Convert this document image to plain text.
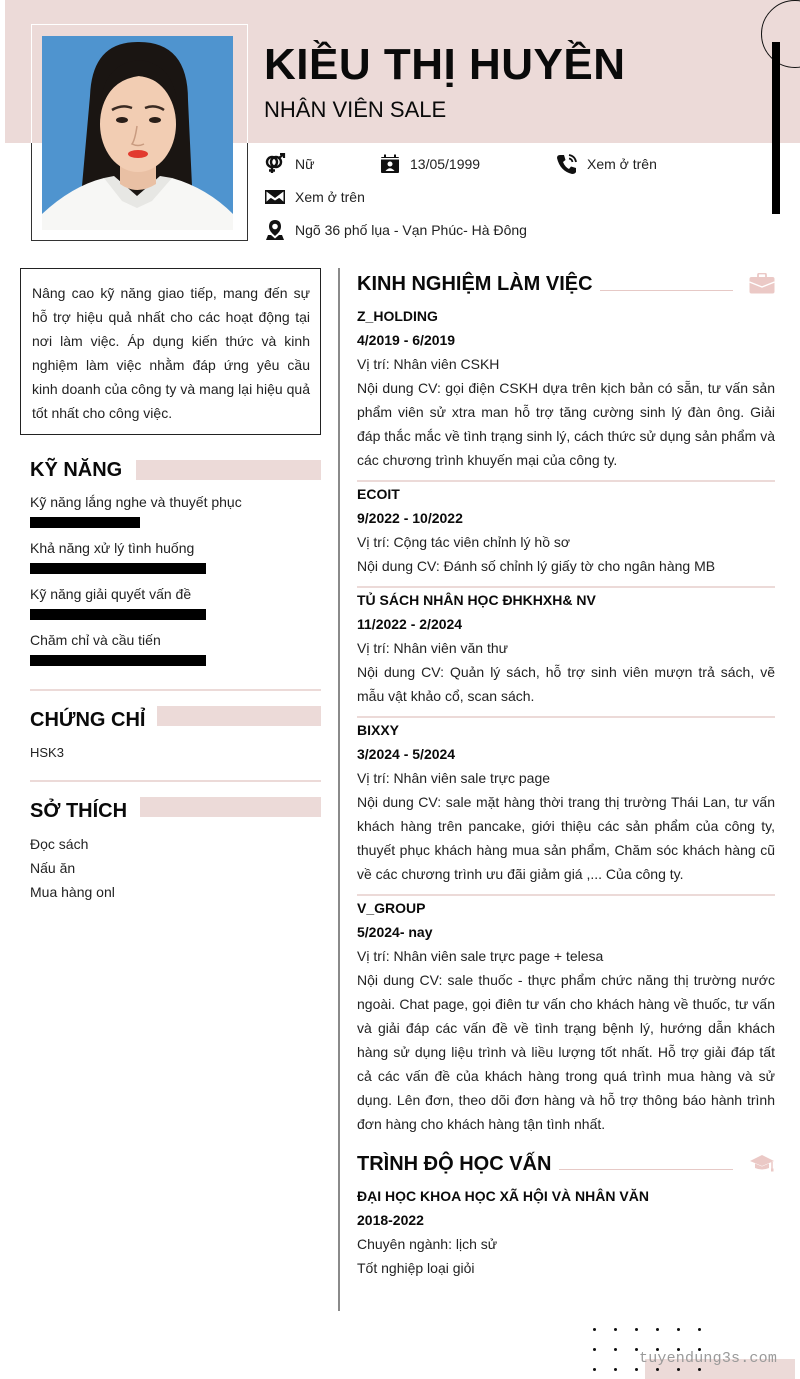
KIỀU THỊ HUYỀN
NHÂN VIÊN SALE
Nữ	13/05/1999	Xem ở trên
Xem ở trên
Ngõ 36 phố lụa - Vạn Phúc- Hà Đông
Nâng cao kỹ năng giao tiếp, mang đến sự hỗ trợ hiệu quả nhất cho các hoạt động tại nơi làm việc. Áp dụng kiến thức và kinh nghiệm làm việc nhằm đáp ứng yêu cầu kinh doanh của công ty và mang lại hiệu quả tốt nhất cho công việc.
KỸ NĂNG
Kỹ năng lắng nghe và thuyết phục
Khả năng xử lý tình huống
Kỹ năng giải quyết vấn đề
Chăm chỉ và cầu tiến
CHỨNG CHỈ
HSK3
SỞ THÍCH
Đọc sách
Nấu ăn
Mua hàng onl
KINH NGHIỆM LÀM VIỆC
Z_HOLDING
4/2019 - 6/2019
Vị trí: Nhân viên CSKH
Nội dung CV: gọi điện CSKH dựa trên kịch bản có sẵn, tư vấn sản phẩm viên sử xtra man hỗ trợ tăng cường sinh lý đàn ông. Giải đáp thắc mắc về tình trạng sinh lý, cách thức sử dụng sản phẩm và các chương trình khuyến mại của công ty.
ECOIT
9/2022 - 10/2022
Vị trí: Cộng tác viên chỉnh lý hồ sơ
Nội dung CV: Đánh số chỉnh lý giấy tờ cho ngân hàng MB
TỦ SÁCH NHÂN HỌC ĐHKHXH& NV
11/2022 - 2/2024
Vị trí: Nhân viên văn thư
Nội dung CV: Quản lý sách, hỗ trợ sinh viên mượn trả sách, vẽ mẫu vật khảo cổ, scan sách.
BIXXY
3/2024 - 5/2024
Vị trí: Nhân viên sale trực page
Nội dung CV: sale mặt hàng thời trang thị trường Thái Lan, tư vấn khách hàng trên pancake, giới thiệu các sản phẩm của công ty, thuyết phục khách hàng mua sản phẩm, Chăm sóc khách hàng cũ về các chương trình ưu đãi giảm giá ,... Của công ty.
V_GROUP
5/2024- nay
Vị trí: Nhân viên sale trực page + telesa
Nội dung CV: sale thuốc - thực phẩm chức năng thị trường nước ngoài. Chat page, gọi điên tư vấn cho khách hàng về thuốc, tư vấn và giải đáp các vấn đề về tình trạng bệnh lý, hướng dẫn khách hàng sử dụng liệu trình và liều lượng tốt nhất. Hỗ trợ giải đáp tất cả các vấn đề của khách hàng trong quá trình mua hàng và sử dụng. Lên đơn, theo dõi đơn hàng và hỗ trợ thông báo hành trình đơn hàng cho khách hàng tận tình nhất.
TRÌNH ĐỘ HỌC VẤN
ĐẠI HỌC KHOA HỌC XÃ HỘI VÀ NHÂN VĂN
2018-2022
Chuyên ngành: lịch sử
Tốt nghiệp loại giỏi
tuyendung3s.com
